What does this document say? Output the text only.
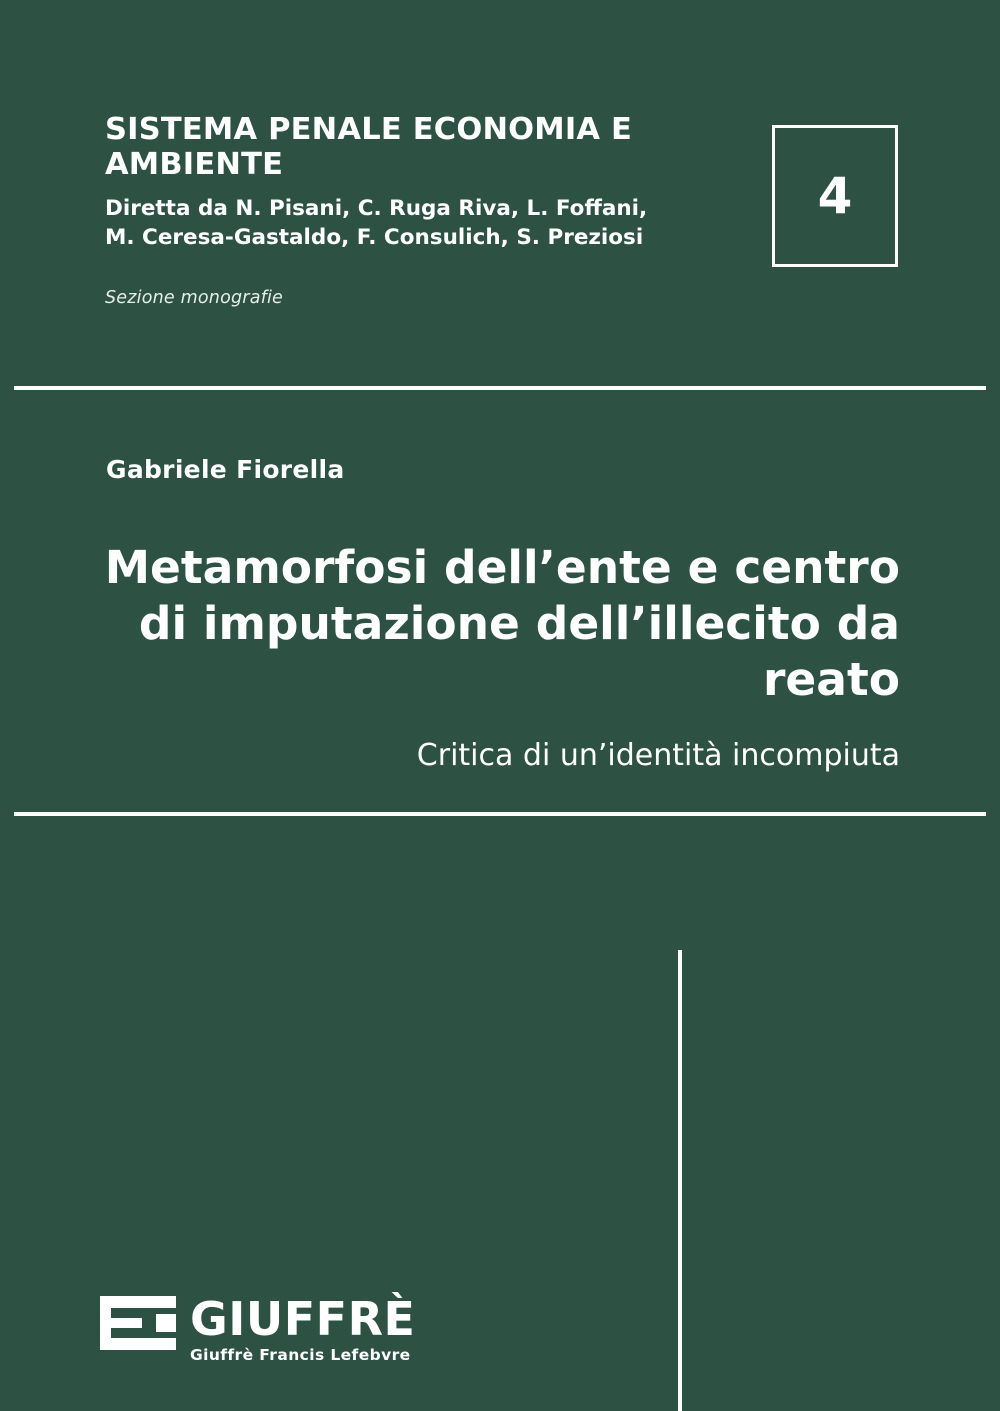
SISTEMA PENALE ECONOMIA E AMBIENTE
Diretta da N. Pisani, C. Ruga Riva, L. Foffani,
M. Ceresa-Gastaldo, F. Consulich, S. Preziosi
Sezione monografie
4
Gabriele Fiorella
Metamorfosi dell’ente e centro
di imputazione dell’illecito da reato
Critica di un’identità incompiuta
GIUFFRÈ
Giuffrè Francis Lefebvre
